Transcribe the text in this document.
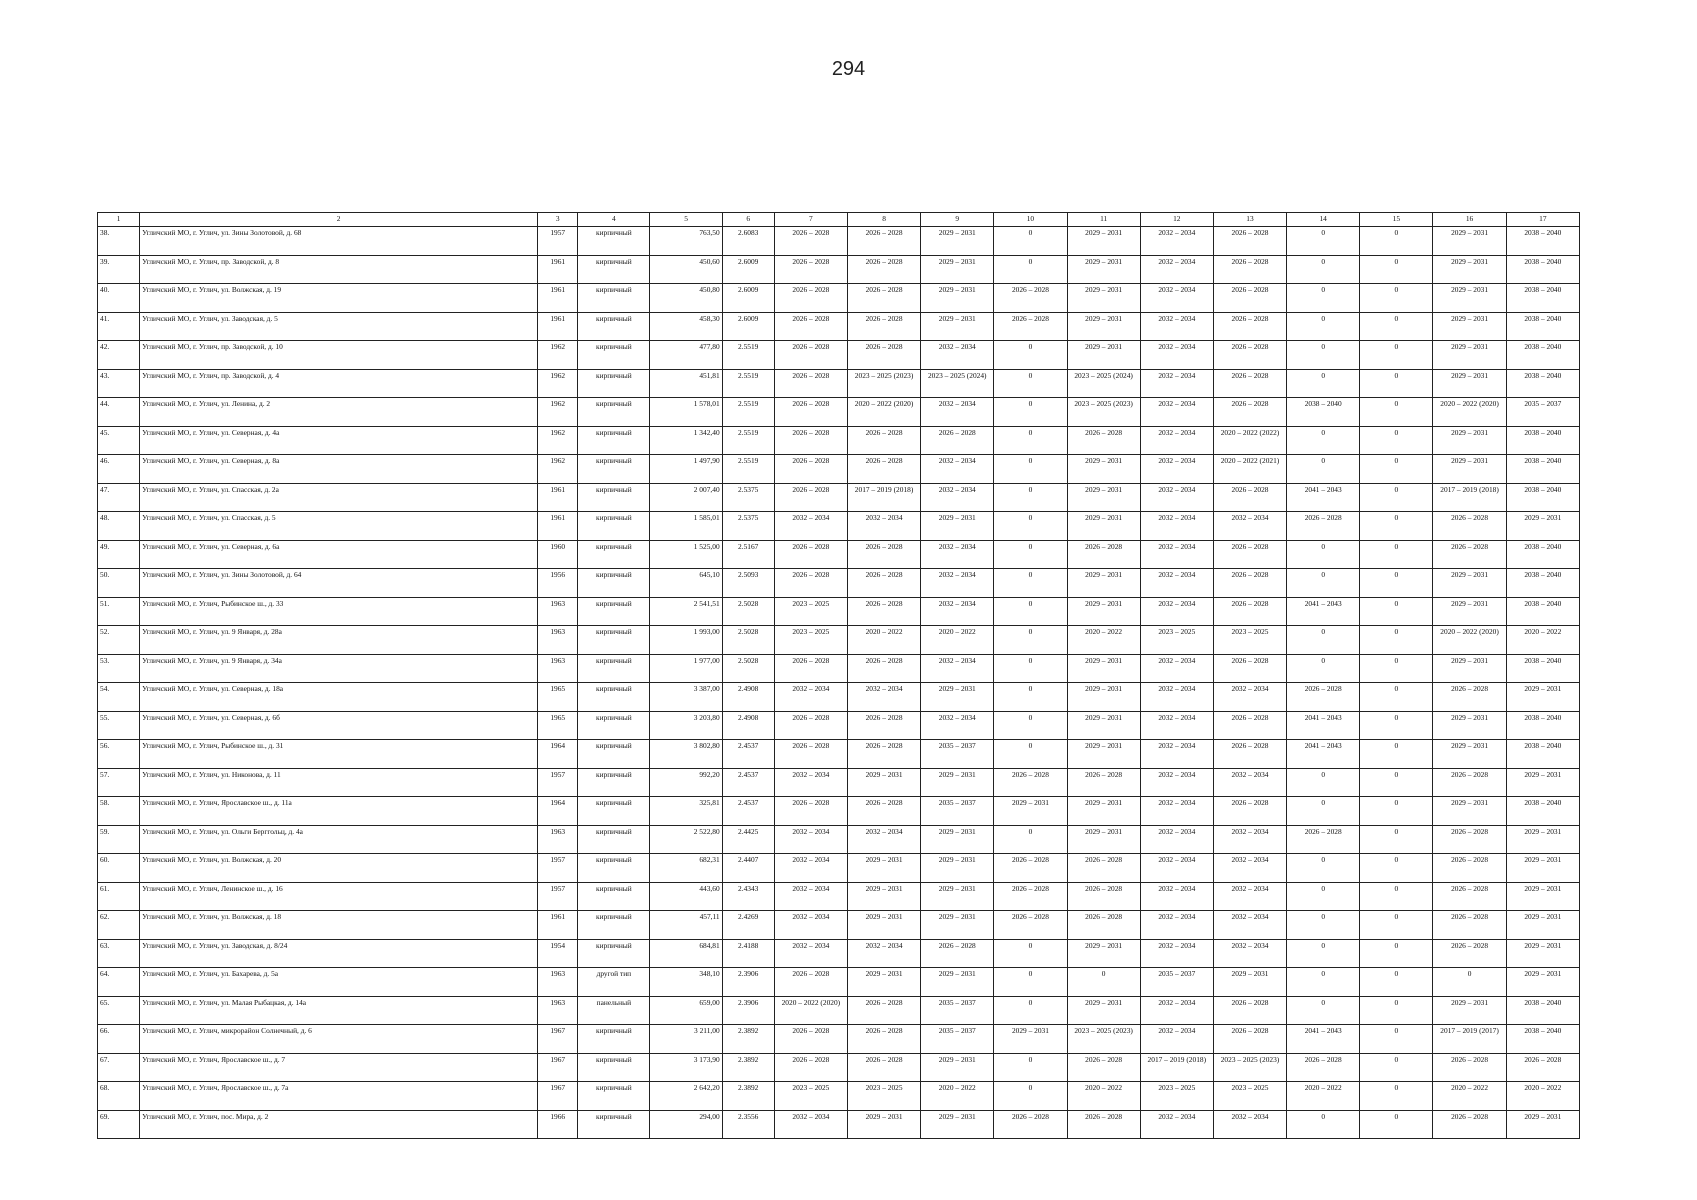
294
1	2	3	4	5	6	7	8	9	10	11	12	13	14	15	16	17
38.	Угличский МО, г. Углич, ул. Зины Золотовой, д. 68	1957	кирпичный	763,50	2.6083	2026 – 2028	2026 – 2028	2029 – 2031	0	2029 – 2031	2032 – 2034	2026 – 2028	0	0	2029 – 2031	2038 – 2040
39.	Угличский МО, г. Углич, пр. Заводской, д. 8	1961	кирпичный	450,60	2.6009	2026 – 2028	2026 – 2028	2029 – 2031	0	2029 – 2031	2032 – 2034	2026 – 2028	0	0	2029 – 2031	2038 – 2040
40.	Угличский МО, г. Углич, ул. Волжская, д. 19	1961	кирпичный	450,80	2.6009	2026 – 2028	2026 – 2028	2029 – 2031	2026 – 2028	2029 – 2031	2032 – 2034	2026 – 2028	0	0	2029 – 2031	2038 – 2040
41.	Угличский МО, г. Углич, ул. Заводская, д. 5	1961	кирпичный	458,30	2.6009	2026 – 2028	2026 – 2028	2029 – 2031	2026 – 2028	2029 – 2031	2032 – 2034	2026 – 2028	0	0	2029 – 2031	2038 – 2040
42.	Угличский МО, г. Углич, пр. Заводской, д. 10	1962	кирпичный	477,80	2.5519	2026 – 2028	2026 – 2028	2032 – 2034	0	2029 – 2031	2032 – 2034	2026 – 2028	0	0	2029 – 2031	2038 – 2040
43.	Угличский МО, г. Углич, пр. Заводской, д. 4	1962	кирпичный	451,81	2.5519	2026 – 2028	2023 – 2025 (2023)	2023 – 2025 (2024)	0	2023 – 2025 (2024)	2032 – 2034	2026 – 2028	0	0	2029 – 2031	2038 – 2040
44.	Угличский МО, г. Углич, ул. Ленина, д. 2	1962	кирпичный	1 578,01	2.5519	2026 – 2028	2020 – 2022 (2020)	2032 – 2034	0	2023 – 2025 (2023)	2032 – 2034	2026 – 2028	2038 – 2040	0	2020 – 2022 (2020)	2035 – 2037
45.	Угличский МО, г. Углич, ул. Северная, д. 4а	1962	кирпичный	1 342,40	2.5519	2026 – 2028	2026 – 2028	2026 – 2028	0	2026 – 2028	2032 – 2034	2020 – 2022 (2022)	0	0	2029 – 2031	2038 – 2040
46.	Угличский МО, г. Углич, ул. Северная, д. 8а	1962	кирпичный	1 497,90	2.5519	2026 – 2028	2026 – 2028	2032 – 2034	0	2029 – 2031	2032 – 2034	2020 – 2022 (2021)	0	0	2029 – 2031	2038 – 2040
47.	Угличский МО, г. Углич, ул. Спасская, д. 2а	1961	кирпичный	2 007,40	2.5375	2026 – 2028	2017 – 2019 (2018)	2032 – 2034	0	2029 – 2031	2032 – 2034	2026 – 2028	2041 – 2043	0	2017 – 2019 (2018)	2038 – 2040
48.	Угличский МО, г. Углич, ул. Спасская, д. 5	1961	кирпичный	1 585,01	2.5375	2032 – 2034	2032 – 2034	2029 – 2031	0	2029 – 2031	2032 – 2034	2032 – 2034	2026 – 2028	0	2026 – 2028	2029 – 2031
49.	Угличский МО, г. Углич, ул. Северная, д. 6а	1960	кирпичный	1 525,00	2.5167	2026 – 2028	2026 – 2028	2032 – 2034	0	2026 – 2028	2032 – 2034	2026 – 2028	0	0	2026 – 2028	2038 – 2040
50.	Угличский МО, г. Углич, ул. Зины Золотовой, д. 64	1956	кирпичный	645,10	2.5093	2026 – 2028	2026 – 2028	2032 – 2034	0	2029 – 2031	2032 – 2034	2026 – 2028	0	0	2029 – 2031	2038 – 2040
51.	Угличский МО, г. Углич, Рыбинское ш., д. 33	1963	кирпичный	2 541,51	2.5028	2023 – 2025	2026 – 2028	2032 – 2034	0	2029 – 2031	2032 – 2034	2026 – 2028	2041 – 2043	0	2029 – 2031	2038 – 2040
52.	Угличский МО, г. Углич, ул. 9 Января, д. 28а	1963	кирпичный	1 993,00	2.5028	2023 – 2025	2020 – 2022	2020 – 2022	0	2020 – 2022	2023 – 2025	2023 – 2025	0	0	2020 – 2022 (2020)	2020 – 2022
53.	Угличский МО, г. Углич, ул. 9 Января, д. 34а	1963	кирпичный	1 977,00	2.5028	2026 – 2028	2026 – 2028	2032 – 2034	0	2029 – 2031	2032 – 2034	2026 – 2028	0	0	2029 – 2031	2038 – 2040
54.	Угличский МО, г. Углич, ул. Северная, д. 18а	1965	кирпичный	3 387,00	2.4908	2032 – 2034	2032 – 2034	2029 – 2031	0	2029 – 2031	2032 – 2034	2032 – 2034	2026 – 2028	0	2026 – 2028	2029 – 2031
55.	Угличский МО, г. Углич, ул. Северная, д. 6б	1965	кирпичный	3 203,80	2.4908	2026 – 2028	2026 – 2028	2032 – 2034	0	2029 – 2031	2032 – 2034	2026 – 2028	2041 – 2043	0	2029 – 2031	2038 – 2040
56.	Угличский МО, г. Углич, Рыбинское ш., д. 31	1964	кирпичный	3 802,80	2.4537	2026 – 2028	2026 – 2028	2035 – 2037	0	2029 – 2031	2032 – 2034	2026 – 2028	2041 – 2043	0	2029 – 2031	2038 – 2040
57.	Угличский МО, г. Углич, ул. Никонова, д. 11	1957	кирпичный	992,20	2.4537	2032 – 2034	2029 – 2031	2029 – 2031	2026 – 2028	2026 – 2028	2032 – 2034	2032 – 2034	0	0	2026 – 2028	2029 – 2031
58.	Угличский МО, г. Углич, Ярославское ш., д. 11а	1964	кирпичный	325,81	2.4537	2026 – 2028	2026 – 2028	2035 – 2037	2029 – 2031	2029 – 2031	2032 – 2034	2026 – 2028	0	0	2029 – 2031	2038 – 2040
59.	Угличский МО, г. Углич, ул. Ольги Берггольц, д. 4а	1963	кирпичный	2 522,80	2.4425	2032 – 2034	2032 – 2034	2029 – 2031	0	2029 – 2031	2032 – 2034	2032 – 2034	2026 – 2028	0	2026 – 2028	2029 – 2031
60.	Угличский МО, г. Углич, ул. Волжская, д. 20	1957	кирпичный	682,31	2.4407	2032 – 2034	2029 – 2031	2029 – 2031	2026 – 2028	2026 – 2028	2032 – 2034	2032 – 2034	0	0	2026 – 2028	2029 – 2031
61.	Угличский МО, г. Углич, Ленинское ш., д. 16	1957	кирпичный	443,60	2.4343	2032 – 2034	2029 – 2031	2029 – 2031	2026 – 2028	2026 – 2028	2032 – 2034	2032 – 2034	0	0	2026 – 2028	2029 – 2031
62.	Угличский МО, г. Углич, ул. Волжская, д. 18	1961	кирпичный	457,11	2.4269	2032 – 2034	2029 – 2031	2029 – 2031	2026 – 2028	2026 – 2028	2032 – 2034	2032 – 2034	0	0	2026 – 2028	2029 – 2031
63.	Угличский МО, г. Углич, ул. Заводская, д. 8/24	1954	кирпичный	684,81	2.4188	2032 – 2034	2032 – 2034	2026 – 2028	0	2029 – 2031	2032 – 2034	2032 – 2034	0	0	2026 – 2028	2029 – 2031
64.	Угличский МО, г. Углич, ул. Бахарева, д. 5а	1963	другой тип	348,10	2.3906	2026 – 2028	2029 – 2031	2029 – 2031	0	0	2035 – 2037	2029 – 2031	0	0	0	2029 – 2031
65.	Угличский МО, г. Углич, ул. Малая Рыбацкая, д. 14а	1963	панельный	659,00	2.3906	2020 – 2022 (2020)	2026 – 2028	2035 – 2037	0	2029 – 2031	2032 – 2034	2026 – 2028	0	0	2029 – 2031	2038 – 2040
66.	Угличский МО, г. Углич, микрорайон Солнечный, д. 6	1967	кирпичный	3 211,00	2.3892	2026 – 2028	2026 – 2028	2035 – 2037	2029 – 2031	2023 – 2025 (2023)	2032 – 2034	2026 – 2028	2041 – 2043	0	2017 – 2019 (2017)	2038 – 2040
67.	Угличский МО, г. Углич, Ярославское ш., д. 7	1967	кирпичный	3 173,90	2.3892	2026 – 2028	2026 – 2028	2029 – 2031	0	2026 – 2028	2017 – 2019 (2018)	2023 – 2025 (2023)	2026 – 2028	0	2026 – 2028	2026 – 2028
68.	Угличский МО, г. Углич, Ярославское ш., д. 7а	1967	кирпичный	2 642,20	2.3892	2023 – 2025	2023 – 2025	2020 – 2022	0	2020 – 2022	2023 – 2025	2023 – 2025	2020 – 2022	0	2020 – 2022	2020 – 2022
69.	Угличский МО, г. Углич, пос. Мира, д. 2	1966	кирпичный	294,00	2.3556	2032 – 2034	2029 – 2031	2029 – 2031	2026 – 2028	2026 – 2028	2032 – 2034	2032 – 2034	0	0	2026 – 2028	2029 – 2031
